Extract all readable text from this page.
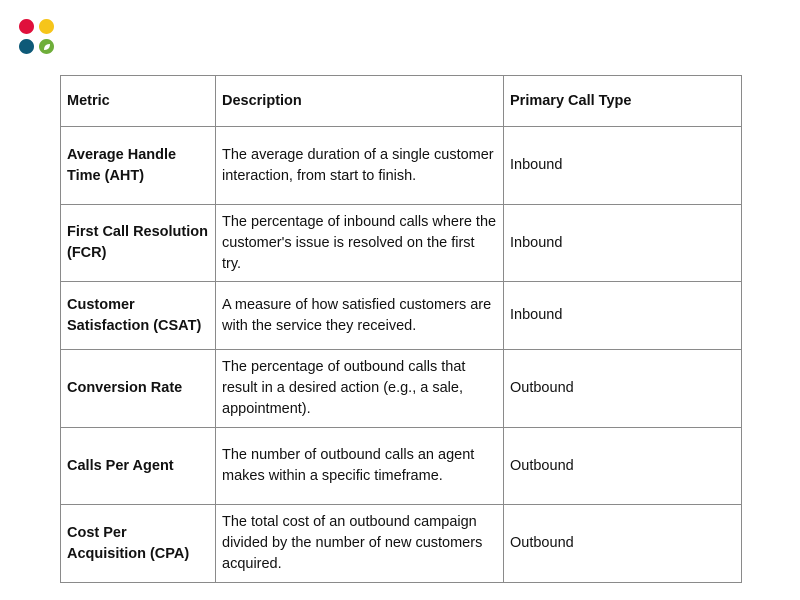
Metric	Description	Primary Call Type
Average Handle Time (AHT)	The average duration of a single customer interaction, from start to finish.	Inbound
First Call Resolution (FCR)	The percentage of inbound calls where the customer's issue is resolved on the first try.	Inbound
Customer Satisfaction (CSAT)	A measure of how satisfied customers are with the service they received.	Inbound
Conversion Rate	The percentage of outbound calls that result in a desired action (e.g., a sale, appointment).	Outbound
Calls Per Agent	The number of outbound calls an agent makes within a specific timeframe.	Outbound
Cost Per Acquisition (CPA)	The total cost of an outbound campaign divided by the number of new customers acquired.	Outbound
